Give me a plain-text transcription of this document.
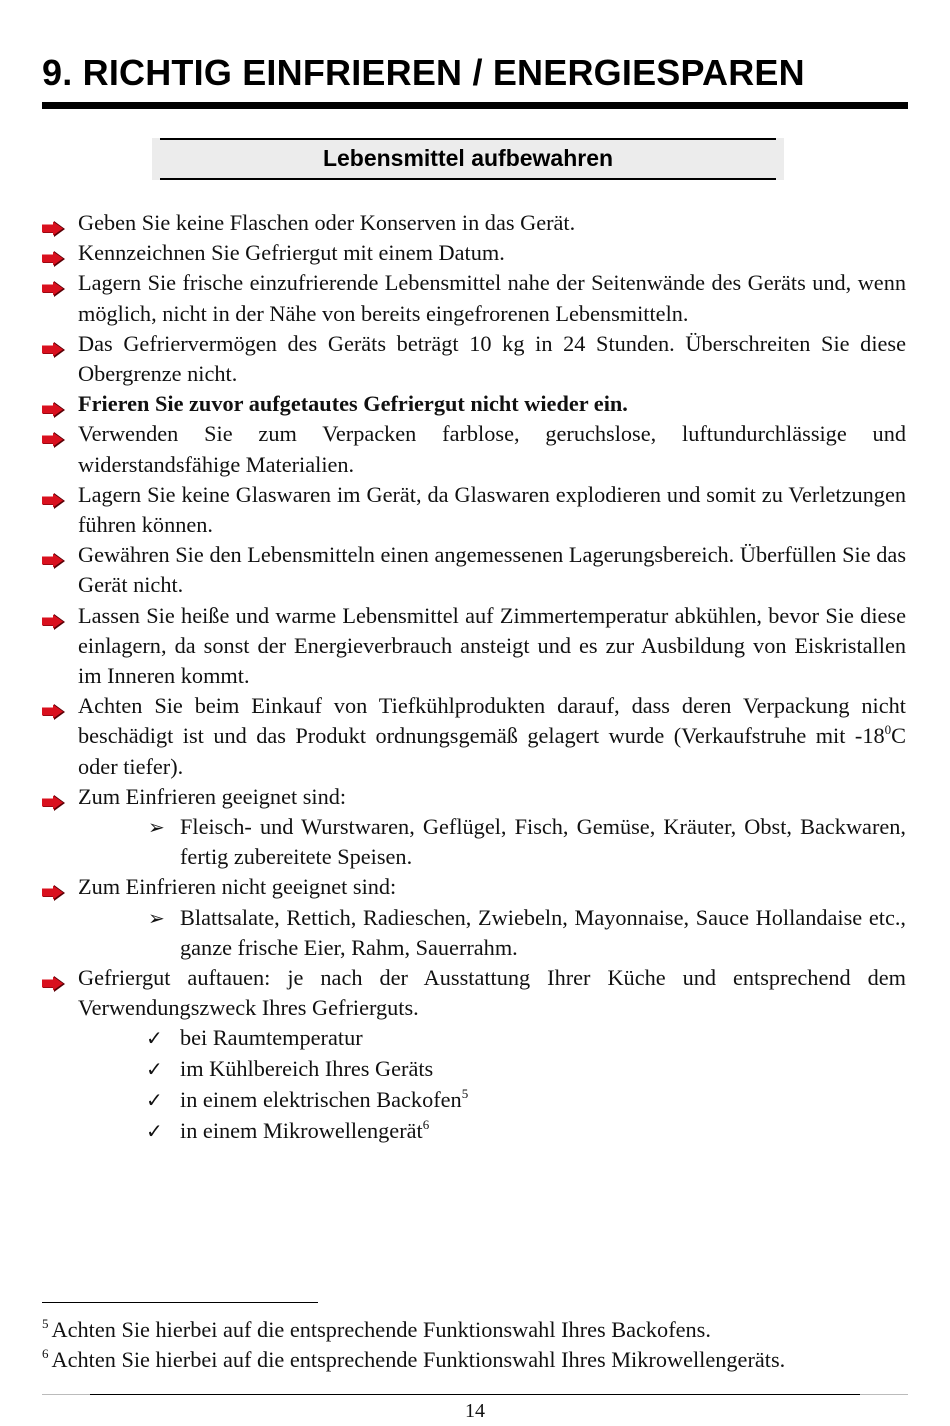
9. RICHTIG EINFRIEREN / ENERGIESPAREN
Lebensmittel aufbewahren

Geben Sie keine Flaschen oder Konserven in das Gerät.

Kennzeichnen Sie Gefriergut mit einem Datum.

Lagern Sie frische einzufrierende Lebensmittel nahe der Seitenwände des Geräts und, wenn möglich, nicht in der Nähe von bereits eingefrorenen Lebensmitteln.

Das Gefriervermögen des Geräts beträgt 10 kg in 24 Stunden. Überschreiten Sie diese Obergrenze nicht.

Frieren Sie zuvor aufgetautes Gefriergut nicht wieder ein.

Verwenden Sie zum Verpacken farblose, geruchslose, luftundurchlässige und widerstandsfähige Materialien.

Lagern Sie keine Glaswaren im Gerät, da Glaswaren explodieren und somit zu Verletzungen führen können.

Gewähren Sie den Lebensmitteln einen angemessenen Lagerungsbereich. Überfüllen Sie das Gerät nicht.

Lassen Sie heiße und warme Lebensmittel auf Zimmertemperatur abkühlen, bevor Sie diese einlagern, da sonst der Energieverbrauch ansteigt und es zur Ausbildung von Eiskristallen im Inneren kommt.

Achten Sie beim Einkauf von Tiefkühlprodukten darauf, dass deren Verpackung nicht beschädigt ist und das Produkt ordnungsgemäß gelagert wurde (Verkaufstruhe mit $-18^0C$ oder tiefer).

Zum Einfrieren geeignet sind:

➢ Fleisch- und Wurstwaren, Geflügel, Fisch, Gemüse, Kräuter, Obst, Backwaren, fertig zubereitete Speisen.

Zum Einfrieren nicht geeignet sind:

➢ Blattsalate, Rettich, Radieschen, Zwiebeln, Mayonnaise, Sauce Hollandaise etc., ganze frische Eier, Rahm, Sauerrahm.

Gefriergut auftauen: je nach der Ausstattung Ihrer Küche und entsprechend dem Verwendungszweck Ihres Gefrierguts.

✓ bei Raumtemperatur

✓ im Kühlbereich Ihres Geräts

✓ in einem elektrischen Backofen$^5$

✓ in einem Mikrowellengerät$^6$

$^5$ Achten Sie hierbei auf die entsprechende Funktionswahl Ihres Backofens.
$^6$ Achten Sie hierbei auf die entsprechende Funktionswahl Ihres Mikrowellengeräts.
14
